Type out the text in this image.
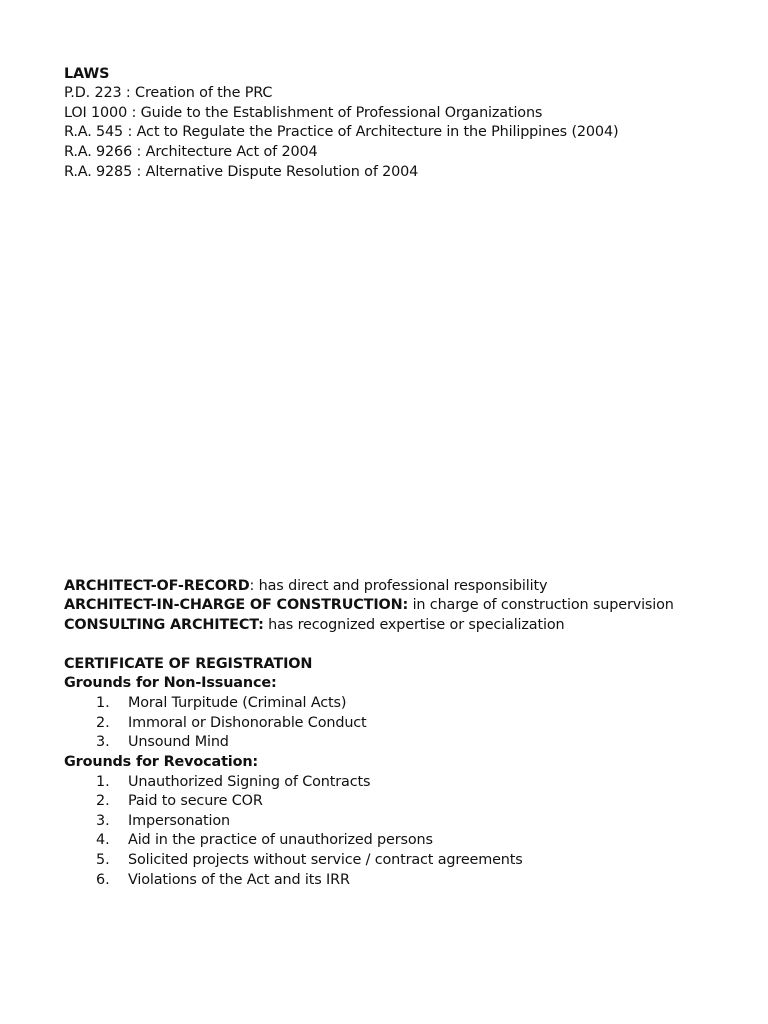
LAWS
P.D. 223 : Creation of the PRC
LOI 1000 : Guide to the Establishment of Professional Organizations
R.A. 545 : Act to Regulate the Practice of Architecture in the Philippines (2004)
R.A. 9266 : Architecture Act of 2004
R.A. 9285 : Alternative Dispute Resolution of 2004
ARCHITECT-OF-RECORD: has direct and professional responsibility
ARCHITECT-IN-CHARGE OF CONSTRUCTION: in charge of construction supervision
CONSULTING ARCHITECT: has recognized expertise or specialization
CERTIFICATE OF REGISTRATION
Grounds for Non-Issuance:
1. Moral Turpitude (Criminal Acts)
2. Immoral or Dishonorable Conduct
3. Unsound Mind
Grounds for Revocation:
1. Unauthorized Signing of Contracts
2. Paid to secure COR
3. Impersonation
4. Aid in the practice of unauthorized persons
5. Solicited projects without service / contract agreements
6. Violations of the Act and its IRR
